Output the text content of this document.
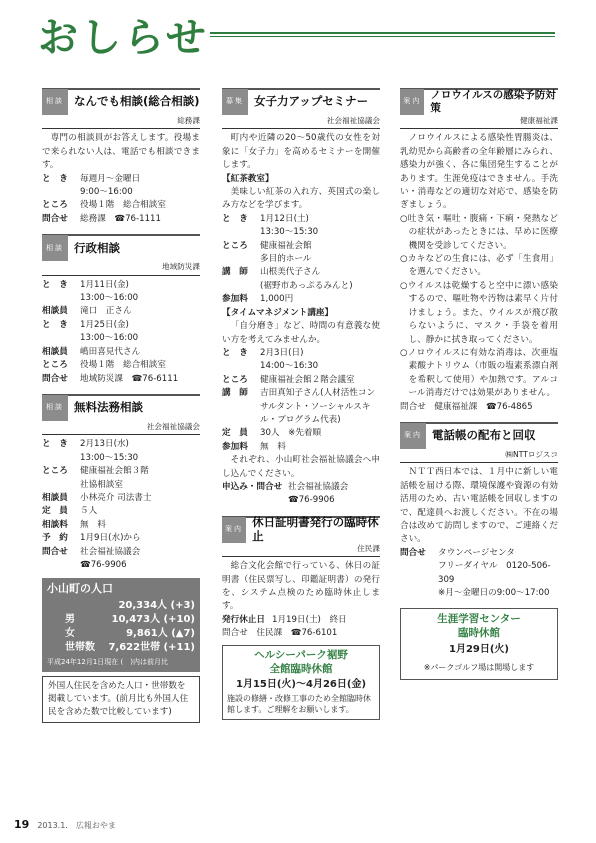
おしらせ
相談 なんでも相談(総合相談)
総務課
専門の相談員がお答えします。役場まで来られない人は、電話でも相談できます。
と　き	毎週月～金曜日
9:00～16:00
ところ	役場１階　総合相談室
問合せ	総務課　☎76-1111
相談 行政相談
地域防災課
と　き	1月11日(金)
13:00～16:00
相談員	滝口　正さん
と　き	1月25日(金)
13:00～16:00
相談員	嶋田喜見代さん
ところ	役場１階　総合相談室
問合せ	地域防災課　☎76-6111
相談 無料法務相談
社会福祉協議会
と　き	2月13日(水)
13:00～15:30
ところ	健康福祉会館３階
社協相談室
相談員	小林亮介 司法書士
定　員	５人
相談料	無　料
予　約	1月9日(水)から
問合せ	社会福祉協議会
☎76-9906
小山町の人口
20,334人 (+3)
男	10,473人 (+10)
女	9,861人 (▲7)
世帯数	7,622世帯 (+11)
平成24年12月1日現在 (　)内は前月比
外国人住民を含めた人口・世帯数を掲載しています。(前月比も外国人住民を含めた数で比較しています)
募集 女子力アップセミナー
社会福祉協議会
町内や近隣の20～50歳代の女性を対象に「女子力」を高めるセミナーを開催します。
【紅茶教室】
美味しい紅茶の入れ方、英国式の楽しみ方などを学びます。
と　き	1月12日(土)
13:30～15:30
ところ	健康福祉会館
多目的ホール
講　師	山根美代子さん
(裾野市あっぷるみんと)
参加料	1,000円
【タイムマネジメント講座】
「自分磨き」など、時間の有意義な使い方を考えてみませんか。
と　き	2月3日(日)
14:00～16:30
ところ	健康福祉会館２階会議室
講　師	吉田真知子さん(人材活性コンサルタント・ソーシャルスキル・プログラム代表)
定　員	30人　※先着順
参加料	無　料
それぞれ、小山町社会福祉協議会へ申し込んでください。
申込み・問合せ 社会福祉協議会
☎76-9906
案内 休日証明書発行の臨時休止
住民課
総合文化会館で行っている、休日の証明書（住民票写し、印鑑証明書）の発行を、システム点検のため臨時休止します。
発行休止日 1月19日(土)　終日
問合せ　住民課　☎76-6101
ヘルシーパーク裾野
全館臨時休館
1月15日(火)～4月26日(金)
施設の修繕・改修工事のため全館臨時休館します。ご理解をお願いします。
案内
ノロウイルスの感染予防対策
健康福祉課
ノロウイルスによる感染性胃腸炎は、乳幼児から高齢者の全年齢層にみられ、感染力が強く、各に集団発生することがあります。生涯免疫はできません。手洗い・消毒などの適切な対応で、感染を防ぎましょう。
○吐き気・嘔吐・腹痛・下痢・発熱などの症状があったときには、早めに医療機関を受診してください。
○カキなどの生食には、必ず「生食用」を選んでください。
○ウイルスは乾燥すると空中に漂い感染するので、嘔吐物や汚物は素早く片付けましょう。また、ウイルスが飛び散らないように、マスク・手袋を着用し、静かに拭き取ってください。
○ノロウイルスに有効な消毒は、次亜塩素酸ナトリウム（市販の塩素系漂白剤を希釈して使用）や加熱です。アルコール消毒だけでは効果がありません。
問合せ　健康福祉課　☎76-4865
案内 電話帳の配布と回収
㈱NTTロジスコ
ＮＴＴ西日本では、１月中に新しい電話帳を届ける際、環境保護や資源の有効活用のため、古い電話帳を回収しますので、配達員へお渡しください。不在の場合は改めて訪問しますので、ご連絡ください。
問合せ	タウンページセンタ
フリーダイヤル　0120-506-309
※月～金曜日の9:00～17:00
生涯学習センター
臨時休館
1月29日(火)
※パークゴルフ場は開場します
19 2013.1. 広報おやま
